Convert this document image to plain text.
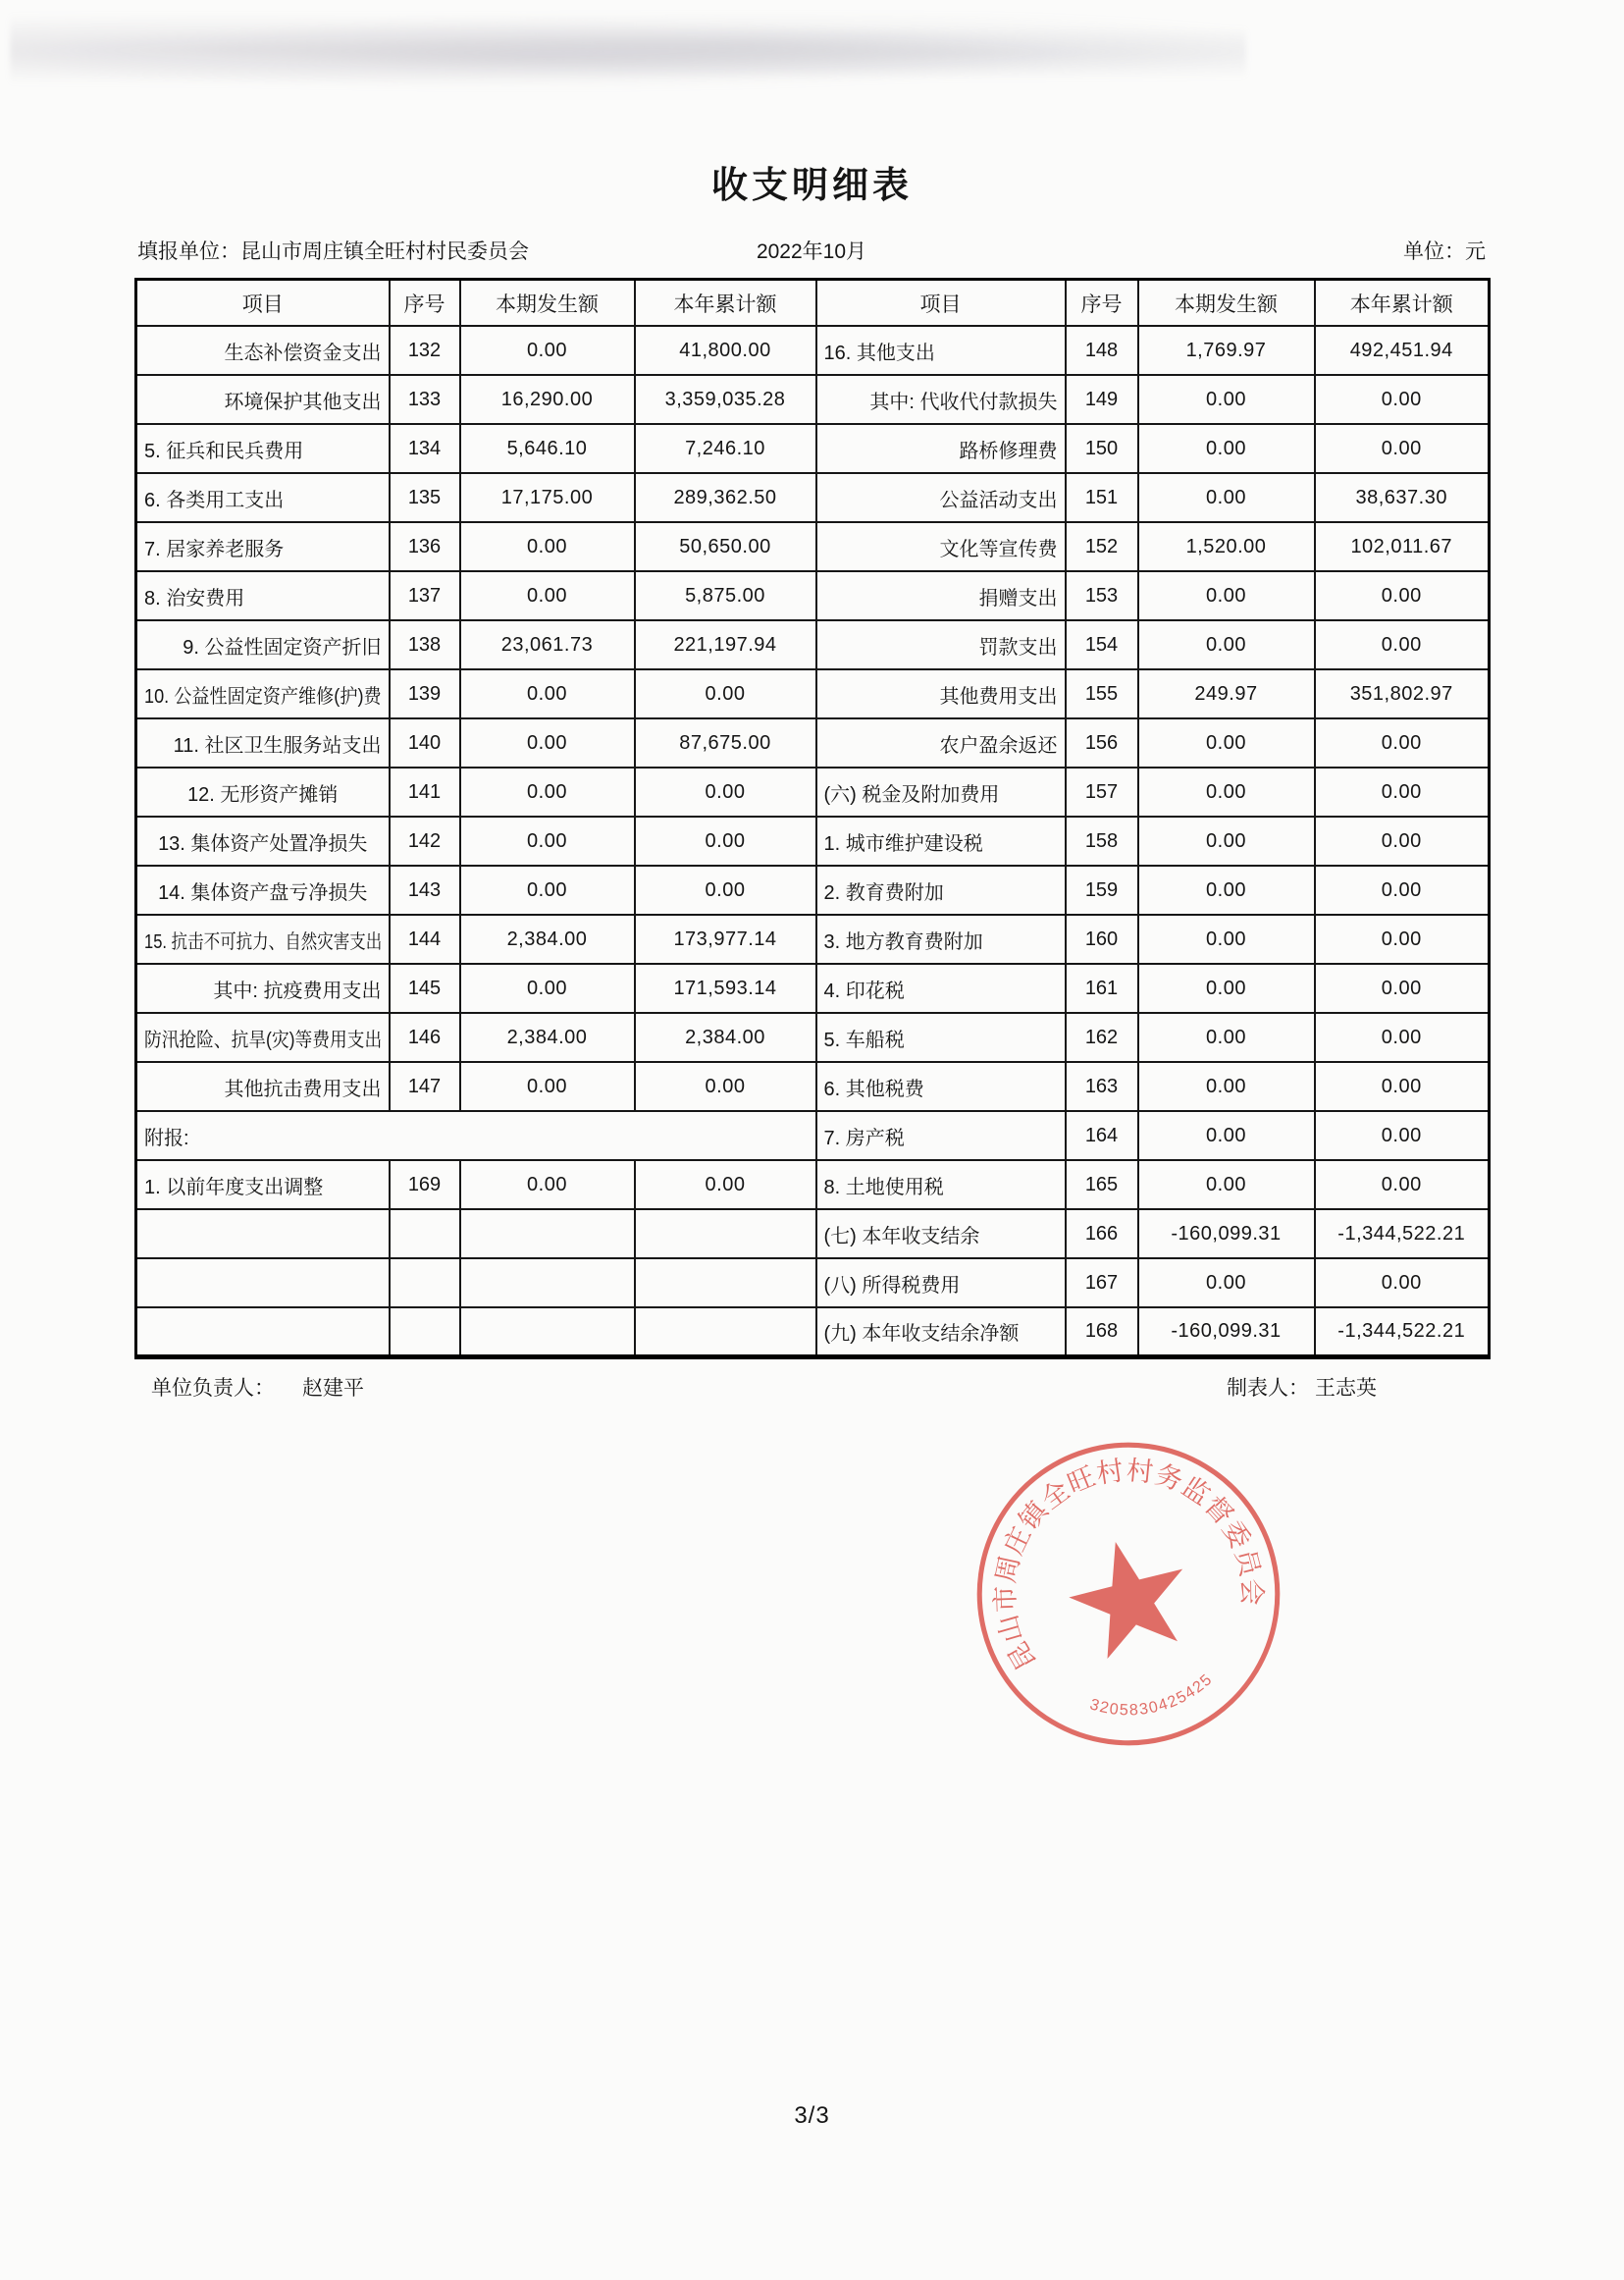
收支明细表
填报单位：昆山市周庄镇全旺村村民委员会	2022年10月	单位：元
项目	序号	本期发生额	本年累计额	项目	序号	本期发生额	本年累计额
生态补偿资金支出	132	0.00	41,800.00	16. 其他支出	148	1,769.97	492,451.94
环境保护其他支出	133	16,290.00	3,359,035.28	其中: 代收代付款损失	149	0.00	0.00
5. 征兵和民兵费用	134	5,646.10	7,246.10	路桥修理费	150	0.00	0.00
6. 各类用工支出	135	17,175.00	289,362.50	公益活动支出	151	0.00	38,637.30
7. 居家养老服务	136	0.00	50,650.00	文化等宣传费	152	1,520.00	102,011.67
8. 治安费用	137	0.00	5,875.00	捐赠支出	153	0.00	0.00
9. 公益性固定资产折旧	138	23,061.73	221,197.94	罚款支出	154	0.00	0.00
10. 公益性固定资产维修(护)费	139	0.00	0.00	其他费用支出	155	249.97	351,802.97
11. 社区卫生服务站支出	140	0.00	87,675.00	农户盈余返还	156	0.00	0.00
12. 无形资产摊销	141	0.00	0.00	(六) 税金及附加费用	157	0.00	0.00
13. 集体资产处置净损失	142	0.00	0.00	1. 城市维护建设税	158	0.00	0.00
14. 集体资产盘亏净损失	143	0.00	0.00	2. 教育费附加	159	0.00	0.00
15. 抗击不可抗力、自然灾害支出	144	2,384.00	173,977.14	3. 地方教育费附加	160	0.00	0.00
其中: 抗疫费用支出	145	0.00	171,593.14	4. 印花税	161	0.00	0.00
防汛抢险、抗旱(灾)等费用支出	146	2,384.00	2,384.00	5. 车船税	162	0.00	0.00
其他抗击费用支出	147	0.00	0.00	6. 其他税费	163	0.00	0.00
附报:				7. 房产税	164	0.00	0.00
1. 以前年度支出调整	169	0.00	0.00	8. 土地使用税	165	0.00	0.00
				(七) 本年收支结余	166	-160,099.31	-1,344,522.21
				(八) 所得税费用	167	0.00	0.00
				(九) 本年收支结余净额	168	-160,099.31	-1,344,522.21
单位负责人： 赵建平	制表人： 王志英
昆山市周庄镇全旺村村务监督委员会
3205830425425
3/3
